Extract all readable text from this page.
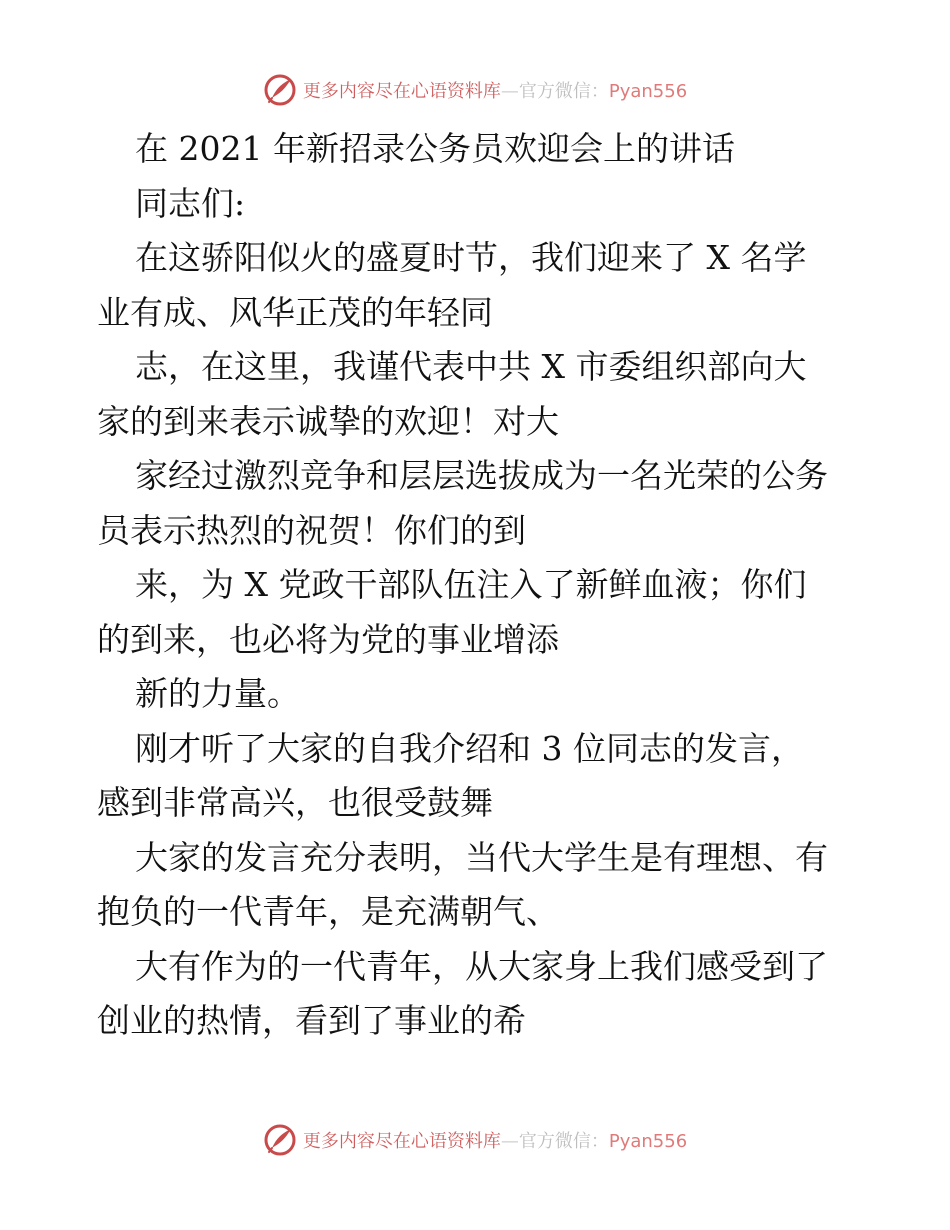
更多内容尽在心语资料库—官方微信：Pyan556
在 2021 年新招录公务员欢迎会上的讲话
同志们:
在这骄阳似火的盛夏时节，我们迎来了 X 名学
业有成、风华正茂的年轻同
志，在这里，我谨代表中共 X 市委组织部向大
家的到来表示诚挚的欢迎！对大
家经过激烈竞争和层层选拔成为一名光荣的公务
员表示热烈的祝贺！你们的到
来，为 X 党政干部队伍注入了新鲜血液；你们
的到来，也必将为党的事业增添
新的力量。
刚才听了大家的自我介绍和 3 位同志的发言，
感到非常高兴，也很受鼓舞
大家的发言充分表明，当代大学生是有理想、有
抱负的一代青年，是充满朝气、
大有作为的一代青年，从大家身上我们感受到了
创业的热情，看到了事业的希
更多内容尽在心语资料库—官方微信：Pyan556
